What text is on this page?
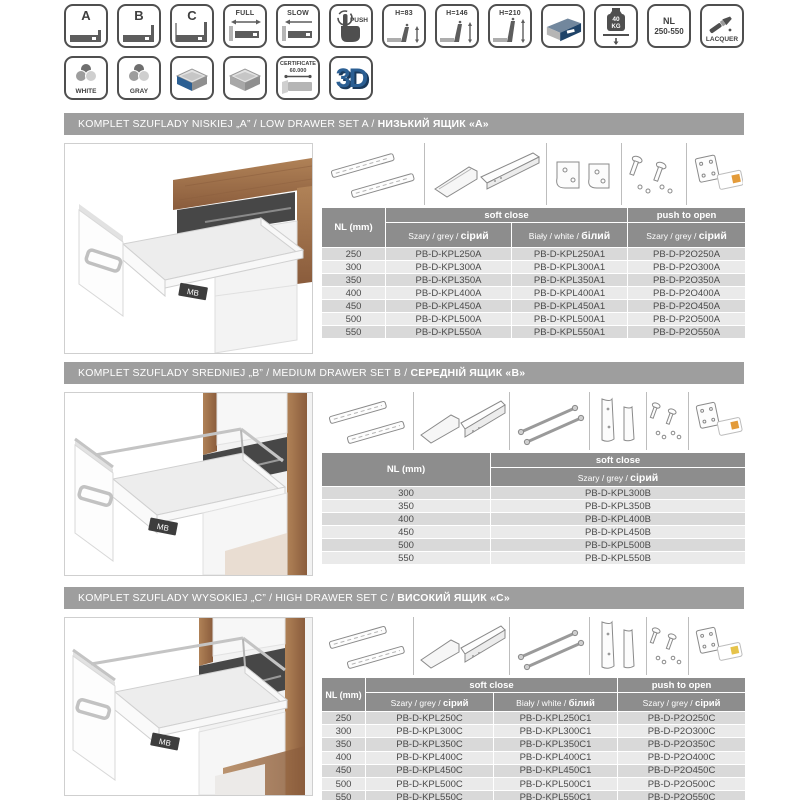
A	B	C	FULL	SLOW
PUSH
H=83	H=146	H=210
40
KG
NL
250-550
LACQUER
WHITE	GRAY
CERTIFICATE
60.000	3D
KOMPLET SZUFLADY NISKIEJ „A” / LOW DRAWER SET A / НИЗЬКИЙ ЯЩИК «А»
MB
NL (mm)	soft close		push to open
	Szary / grey / сірий	Biały / white / білий	Szary / grey / сірий
250	PB-D-KPL250A	PB-D-KPL250A1	PB-D-P2O250A
300	PB-D-KPL300A	PB-D-KPL300A1	PB-D-P2O300A
350	PB-D-KPL350A	PB-D-KPL350A1	PB-D-P2O350A
400	PB-D-KPL400A	PB-D-KPL400A1	PB-D-P2O400A
450	PB-D-KPL450A	PB-D-KPL450A1	PB-D-P2O450A
500	PB-D-KPL500A	PB-D-KPL500A1	PB-D-P2O500A
550	PB-D-KPL550A	PB-D-KPL550A1	PB-D-P2O550A
KOMPLET SZUFLADY SREDNIEJ „B” / MEDIUM DRAWER SET B / СЕРЕДНІЙ ЯЩИК «В»
MB
NL (mm)	soft close
	Szary / grey / сірий
300	PB-D-KPL300B
350	PB-D-KPL350B
400	PB-D-KPL400B
450	PB-D-KPL450B
500	PB-D-KPL500B
550	PB-D-KPL550B
KOMPLET SZUFLADY WYSOKIEJ „C” / HIGH DRAWER SET C / ВИСОКИЙ ЯЩИК «С»
MB
NL (mm)	soft close		push to open
	Szary / grey / сірий	Biały / white / білий	Szary / grey / сірий
250	PB-D-KPL250C	PB-D-KPL250C1	PB-D-P2O250C
300	PB-D-KPL300C	PB-D-KPL300C1	PB-D-P2O300C
350	PB-D-KPL350C	PB-D-KPL350C1	PB-D-P2O350C
400	PB-D-KPL400C	PB-D-KPL400C1	PB-D-P2O400C
450	PB-D-KPL450C	PB-D-KPL450C1	PB-D-P2O450C
500	PB-D-KPL500C	PB-D-KPL500C1	PB-D-P2O500C
550	PB-D-KPL550C	PB-D-KPL550C1	PB-D-P2O550C
